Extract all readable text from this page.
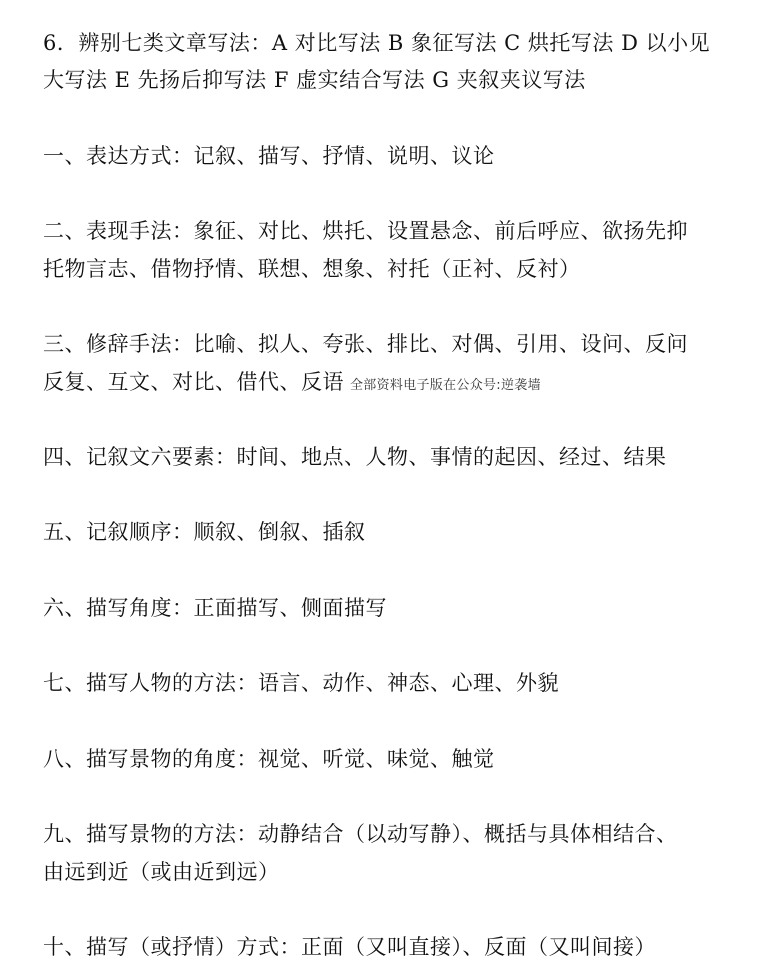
6．辨别七类文章写法：A 对比写法 B 象征写法 C 烘托写法 D 以小见
大写法 E 先扬后抑写法 F 虚实结合写法 G 夹叙夹议写法
一、表达方式：记叙、描写、抒情、说明、议论
二、表现手法：象征、对比、烘托、设置悬念、前后呼应、欲扬先抑
托物言志、借物抒情、联想、想象、衬托（正衬、反衬）
三、修辞手法：比喻、拟人、夸张、排比、对偶、引用、设问、反问
反复、互文、对比、借代、反语 全部资料电子版在公众号:逆袭墙
四、记叙文六要素：时间、地点、人物、事情的起因、经过、结果
五、记叙顺序：顺叙、倒叙、插叙
六、描写角度：正面描写、侧面描写
七、描写人物的方法：语言、动作、神态、心理、外貌
八、描写景物的角度：视觉、听觉、味觉、触觉
九、描写景物的方法：动静结合（以动写静）、概括与具体相结合、
由远到近（或由近到远）
十、描写（或抒情）方式：正面（又叫直接）、反面（又叫间接）
